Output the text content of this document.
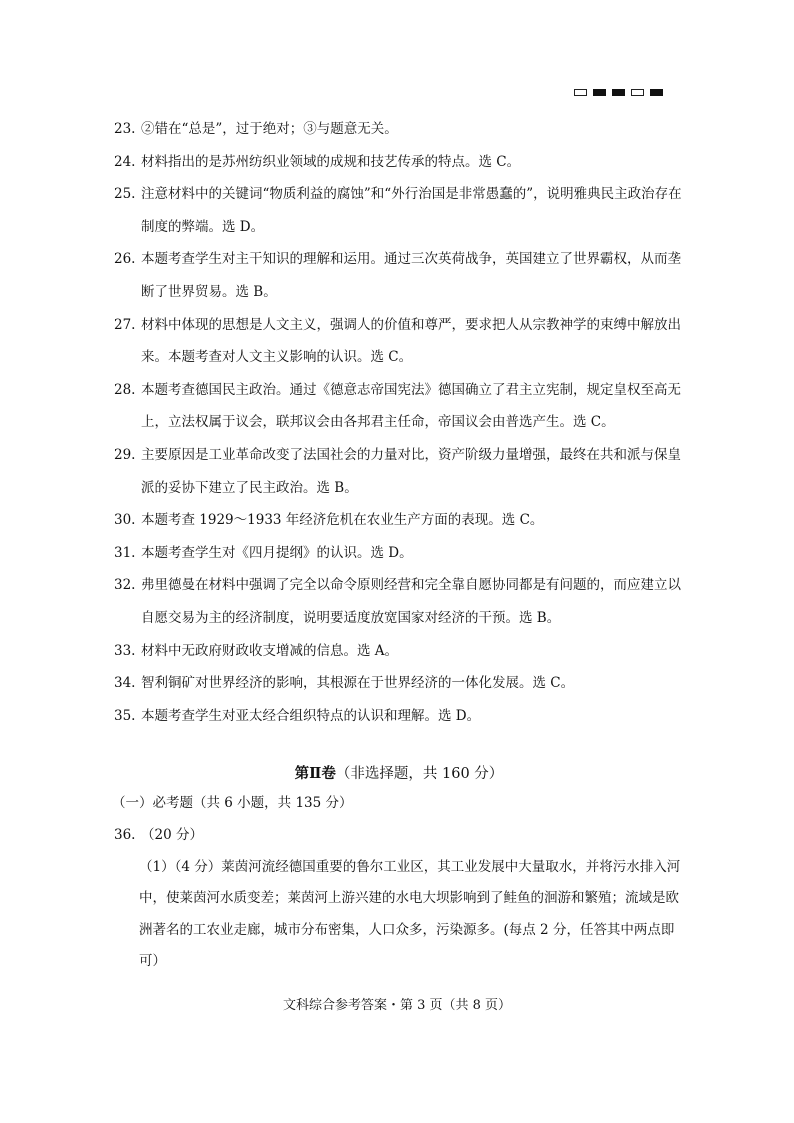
23. ②错在“总是”，过于绝对；③与题意无关。
24. 材料指出的是苏州纺织业领域的成规和技艺传承的特点。选 C。
25. 注意材料中的关键词“物质利益的腐蚀”和“外行治国是非常愚蠢的”，说明雅典民主政治存在制度的弊端。选 D。
26. 本题考查学生对主干知识的理解和运用。通过三次英荷战争，英国建立了世界霸权，从而垄断了世界贸易。选 B。
27. 材料中体现的思想是人文主义，强调人的价值和尊严，要求把人从宗教神学的束缚中解放出来。本题考查对人文主义影响的认识。选 C。
28. 本题考查德国民主政治。通过《德意志帝国宪法》德国确立了君主立宪制，规定皇权至高无上，立法权属于议会，联邦议会由各邦君主任命，帝国议会由普选产生。选 C。
29. 主要原因是工业革命改变了法国社会的力量对比，资产阶级力量增强，最终在共和派与保皇派的妥协下建立了民主政治。选 B。
30. 本题考查 1929～1933 年经济危机在农业生产方面的表现。选 C。
31. 本题考查学生对《四月提纲》的认识。选 D。
32. 弗里德曼在材料中强调了完全以命令原则经营和完全靠自愿协同都是有问题的，而应建立以自愿交易为主的经济制度，说明要适度放宽国家对经济的干预。选 B。
33. 材料中无政府财政收支增减的信息。选 A。
34. 智利铜矿对世界经济的影响，其根源在于世界经济的一体化发展。选 C。
35. 本题考查学生对亚太经合组织特点的认识和理解。选 D。
第Ⅱ卷（非选择题，共 160 分）
（一）必考题（共 6 小题，共 135 分）
36. （20 分）
（1）（4 分）莱茵河流经德国重要的鲁尔工业区，其工业发展中大量取水，并将污水排入河中，使莱茵河水质变差；莱茵河上游兴建的水电大坝影响到了鲑鱼的洄游和繁殖；流域是欧洲著名的工农业走廊，城市分布密集，人口众多，污染源多。(每点 2 分，任答其中两点即可）
文科综合参考答案・第 3 页（共 8 页）
